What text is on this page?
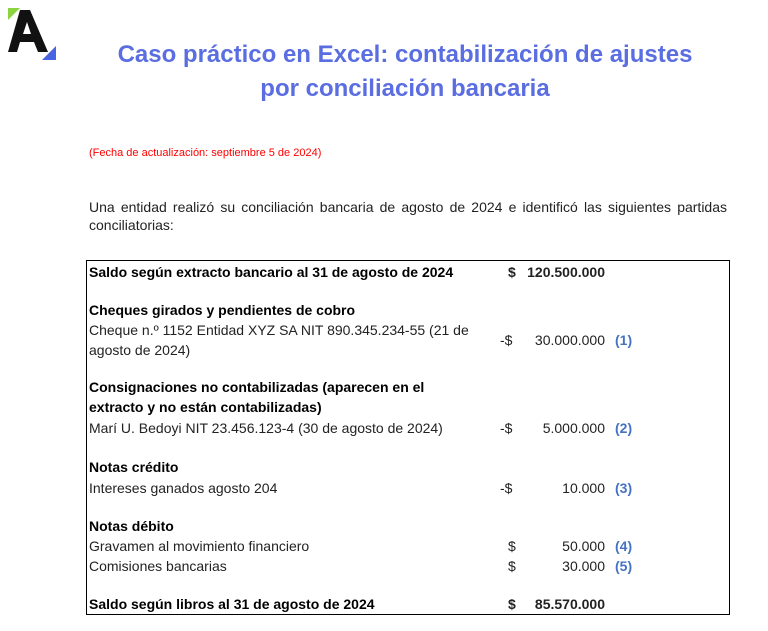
Caso práctico en Excel: contabilización de ajustes
por conciliación bancaria
(Fecha de actualización: septiembre 5 de 2024)
Una entidad realizó su conciliación bancaria de agosto de 2024 e identificó las siguientes partidas conciliatorias:
Saldo según extracto bancario al 31 de agosto de 2024	$ 120.500.000
Cheques girados y pendientes de cobro
Cheque n.º 1152 Entidad XYZ SA NIT 890.345.234-55 (21 de
agosto de 2024)
-$	30.000.000 (1)
Consignaciones no contabilizadas (aparecen en el
extracto y no están contabilizadas)
Marí U. Bedoyi NIT 23.456.123-4 (30 de agosto de 2024)	-$	5.000.000 (2)
Notas crédito
Intereses ganados agosto 204	-$	10.000 (3)
Notas débito
Gravamen al movimiento financiero	$	50.000 (4)
Comisiones bancarias	$	30.000 (5)
Saldo según libros al 31 de agosto de 2024	$	85.570.000
